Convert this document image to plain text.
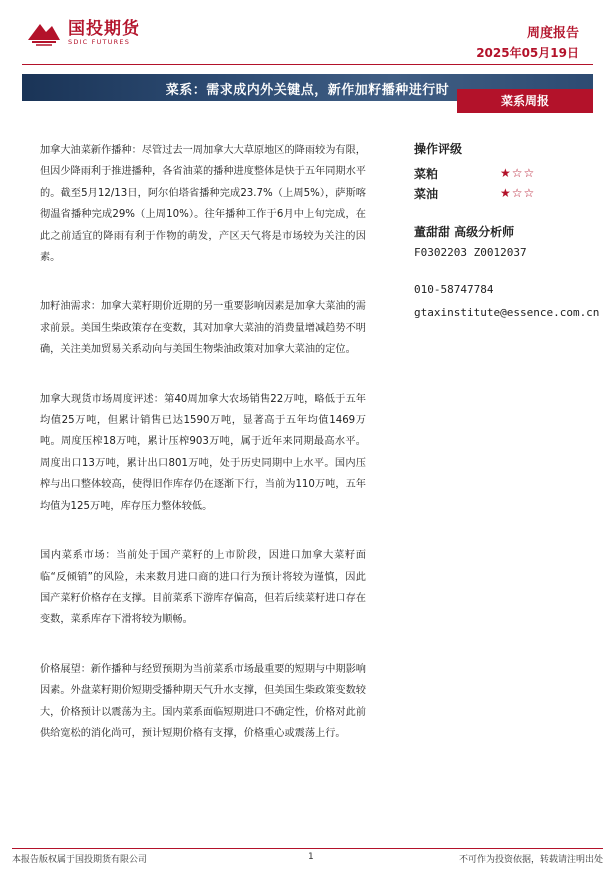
国投期货
SDIC FUTURES
周度报告
2025年05月19日
菜系：需求成内外关键点，新作加籽播种进行时
菜系周报

加拿大油菜新作播种：尽管过去一周加拿大大草原地区的降雨较为有限，但因少降雨利于推进播种，各省油菜的播种进度整体是快于五年同期水平的。截至5月12/13日，阿尔伯塔省播种完成23.7%（上周5%），萨斯喀彻温省播种完成29%（上周10%）。往年播种工作于6月中上旬完成，在此之前适宜的降雨有利于作物的萌发，产区天气将是市场较为关注的因素。

加籽油需求：加拿大菜籽期价近期的另一重要影响因素是加拿大菜油的需求前景。美国生柴政策存在变数，其对加拿大菜油的消费量增减趋势不明确，关注美加贸易关系动向与美国生物柴油政策对加拿大菜油的定位。

加拿大现货市场周度评述：第40周加拿大农场销售22万吨，略低于五年均值25万吨，但累计销售已达1590万吨，显著高于五年均值1469万吨。周度压榨18万吨，累计压榨903万吨，属于近年来同期最高水平。周度出口13万吨，累计出口801万吨，处于历史同期中上水平。国内压榨与出口整体较高，使得旧作库存仍在逐渐下行，当前为110万吨，五年均值为125万吨，库存压力整体较低。

国内菜系市场：当前处于国产菜籽的上市阶段，因进口加拿大菜籽面临“反倾销”的风险，未来数月进口商的进口行为预计将较为谨慎，因此国产菜籽价格存在支撑。目前菜系下游库存偏高，但若后续菜籽进口存在变数，菜系库存下滑将较为顺畅。

价格展望：新作播种与经贸预期为当前菜系市场最重要的短期与中期影响因素。外盘菜籽期价短期受播种期天气升水支撑，但美国生柴政策变数较大，价格预计以震荡为主。国内菜系面临短期进口不确定性，价格对此前供给宽松的消化尚可，预计短期价格有支撑，价格重心或震荡上行。

操作评级
菜粕	★☆☆
菜油	★☆☆
董甜甜 高级分析师
F0302203 Z0012037
010-58747784
gtaxinstitute@essence.com.cn
本报告版权属于国投期货有限公司	1	不可作为投资依据，转载请注明出处
